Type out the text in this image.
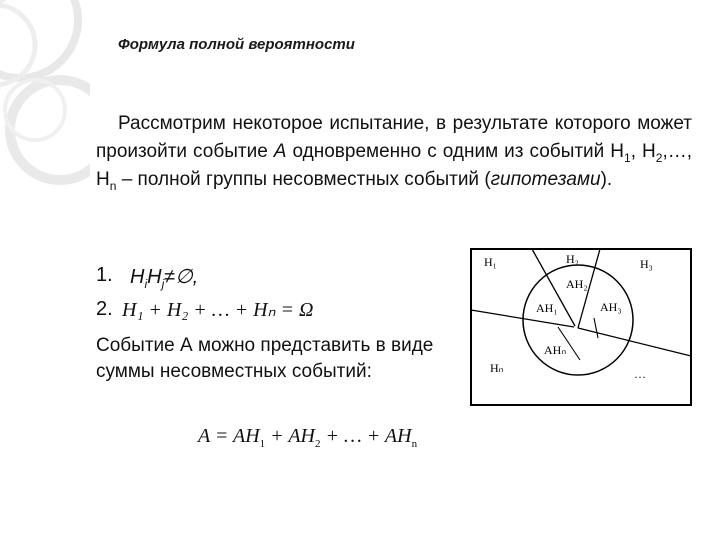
Формула полной вероятности
Рассмотрим некоторое испытание, в результате которого может произойти событие А одновременно с одним из событий $Н_1$, $Н_2,\dots$, $Н_n$ – полной группы несовместных событий (гипотезами).
1. $H_iH_j\ne\emptyset$,
2. H₁ + H₂ + … + Hₙ = Ω
Событие А можно представить в виде суммы несовместных событий:
$A = AH_1 + AH_2$ + … + $AH_n$
H₁	H₂	H₃
AH₂
AH₁	AH₃
AHₙ
Hₙ	…
